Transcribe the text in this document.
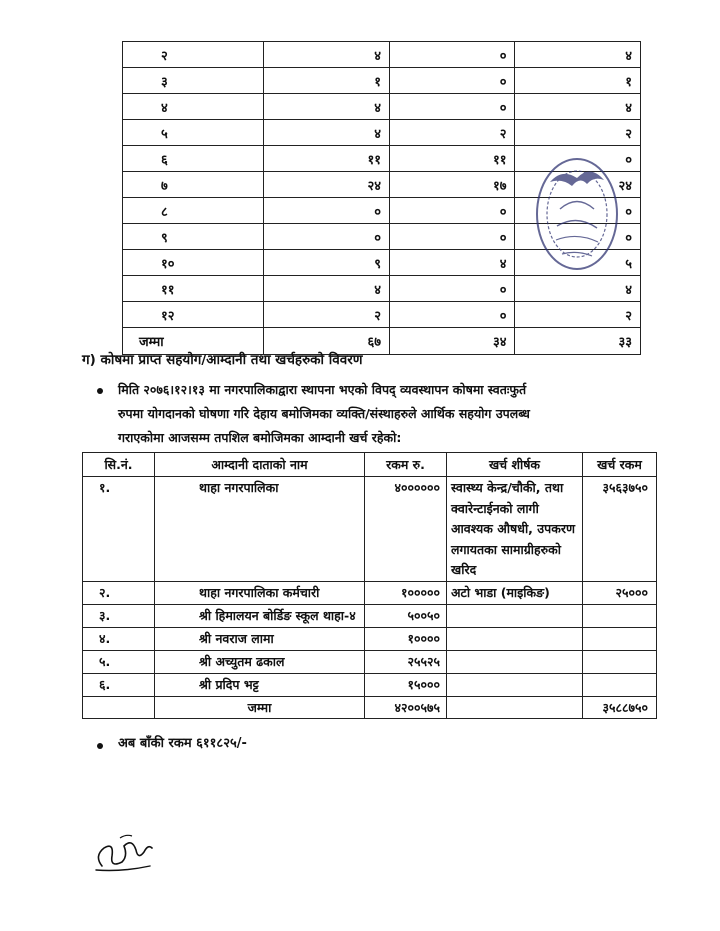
२	४	०	४
३	१	०	१
४	४	०	४
५	४	२	२
६	११	११	०
७	२४	१७	२४
८	०	०	०
९	०	०	०
१०	९	४	५
११	४	०	४
१२	२	०	२
जम्मा	६७	३४	३३
ग) कोषमा प्राप्त सहयोग/आम्दानी तथा खर्चहरुको विवरण
मिति २०७६।१२।१३ मा नगरपालिकाद्वारा स्थापना भएको विपद् व्यवस्थापन कोषमा स्वतःफुर्त
रुपमा योगदानको घोषणा गरि देहाय बमोजिमका व्यक्ति/संस्थाहरुले आर्थिक सहयोग उपलब्ध
गराएकोमा आजसम्म तपशिल बमोजिमका आम्दानी खर्च रहेको:
सि.नं.	आम्दानी दाताको नाम	रकम रु.	खर्च शीर्षक	खर्च रकम
१.	थाहा नगरपालिका	४००००००	स्वास्थ्य केन्द्र/चौकी, तथा क्वारेन्टाईनको लागी आवश्यक औषधी, उपकरण लगायतका सामाग्रीहरुको खरिद	३५६३७५०
२.	थाहा नगरपालिका कर्मचारी	१०००००	अटो भाडा (माइकिङ)	२५०००
३.	श्री हिमालयन बोर्डिङ स्कूल थाहा-४	५००५०		
४.	श्री नवराज लामा	१००००		
५.	श्री अच्युतम ढकाल	२५५२५		
६.	श्री प्रदिप भट्ट	१५०००		
	जम्मा	४२००५७५		३५८८७५०
अब बाँकी रकम ६११८२५/-
